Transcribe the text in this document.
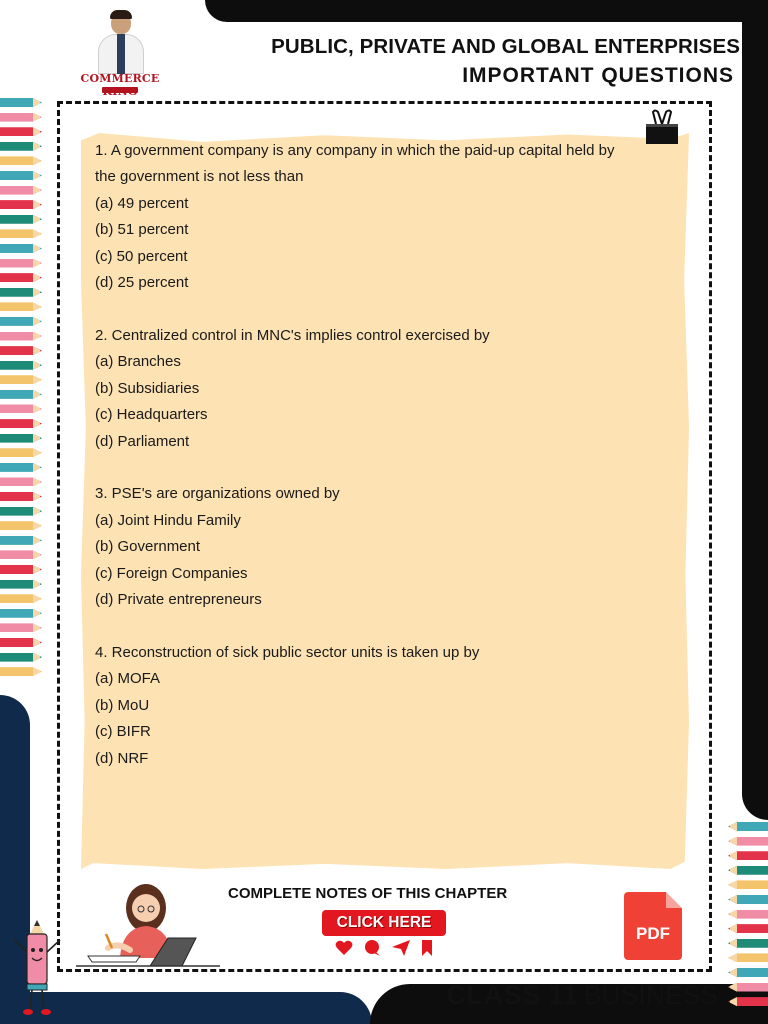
COMMERCE
PUBLIC, PRIVATE AND GLOBAL ENTERPRISES
IMPORTANT QUESTIONS

1. A government company is any company in which the paid-up capital held by

the government is not less than

(a) 49 percent

(b) 51 percent

(c) 50 percent

(d) 25 percent

2. Centralized control in MNC's implies control exercised by

(a) Branches

(b) Subsidiaries

(c) Headquarters

(d) Parliament

3. PSE's are organizations owned by

(a) Joint Hindu Family

(b) Government

(c) Foreign Companies

(d) Private entrepreneurs

4. Reconstruction of sick public sector units is taken up by

(a) MOFA

(b) MoU

(c) BIFR

(d) NRF

COMPLETE NOTES OF THIS CHAPTER
CLICK HERE
PDF
CLASS 11 BUSINESS
